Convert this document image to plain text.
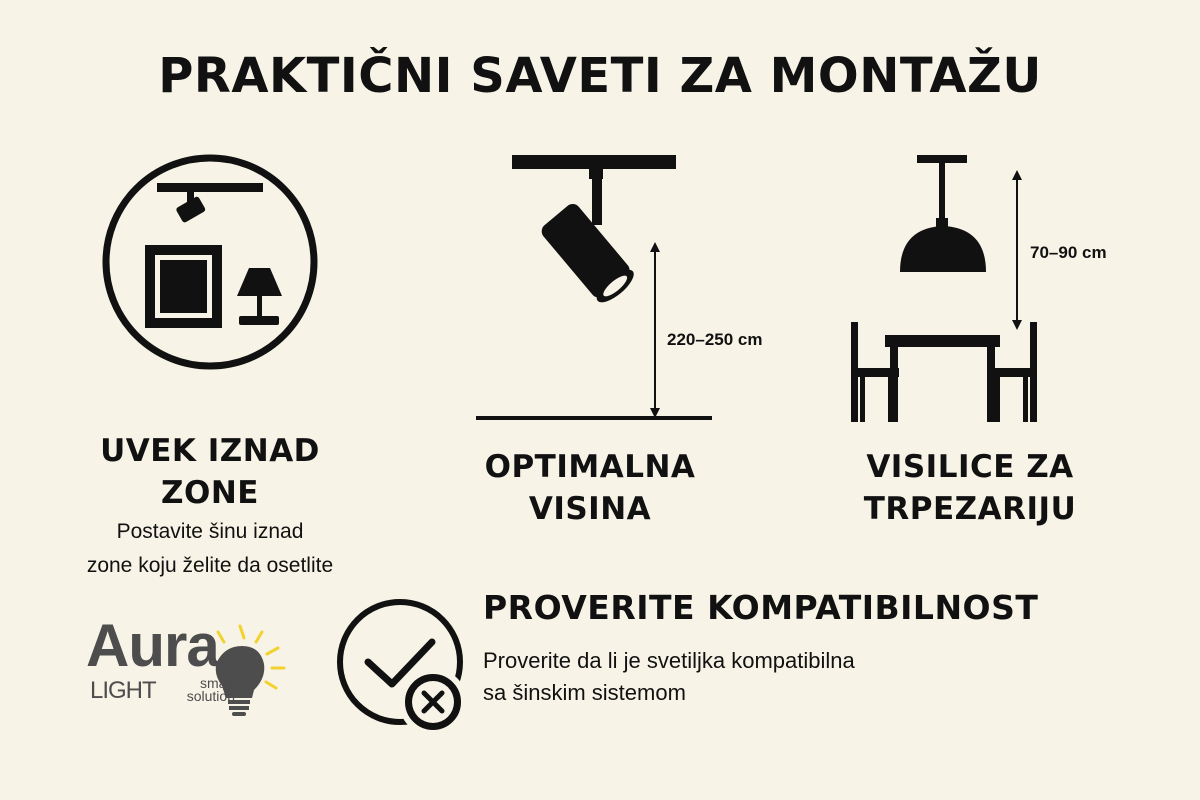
PRAKTIČNI SAVETI ZA MONTAŽU
UVEK IZNAD
ZONE
Postavite šinu iznad
zone koju želite da osetlite
220–250 cm
OPTIMALNA
VISINA
70–90 cm
VISILICE ZA
TRPEZARIJU
PROVERITE KOMPATIBILNOST
Proverite da li je svetiljka kompatibilna
sa šinskim sistemom
Aura
LIGHT	smart
solution
